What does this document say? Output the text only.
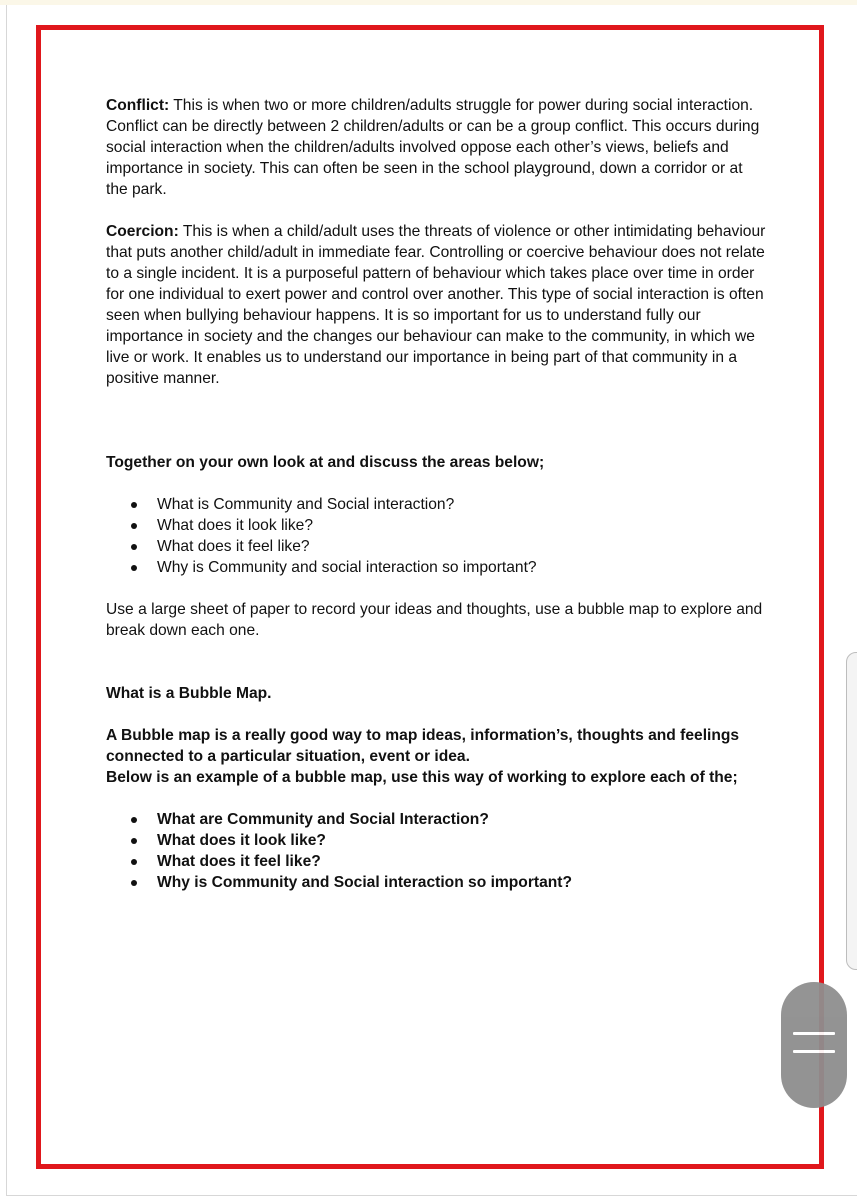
Conflict: This is when two or more children/adults struggle for power during social interaction. Conflict can be directly between 2 children/adults or can be a group conflict. This occurs during social interaction when the children/adults involved oppose each other’s views, beliefs and importance in society. This can often be seen in the school playground, down a corridor or at the park.

Coercion: This is when a child/adult uses the threats of violence or other intimidating behaviour that puts another child/adult in immediate fear. Controlling or coercive behaviour does not relate to a single incident. It is a purposeful pattern of behaviour which takes place over time in order for one individual to exert power and control over another. This type of social interaction is often seen when bullying behaviour happens. It is so important for us to understand fully our importance in society and the changes our behaviour can make to the community, in which we live or work. It enables us to understand our importance in being part of that community in a positive manner.

Together on your own look at and discuss the areas below;

What is Community and Social interaction?
What does it look like?
What does it feel like?
Why is Community and social interaction so important?

Use a large sheet of paper to record your ideas and thoughts, use a bubble map to explore and break down each one.

What is a Bubble Map.

A Bubble map is a really good way to map ideas, information’s, thoughts and feelings connected to a particular situation, event or idea.

Below is an example of a bubble map, use this way of working to explore each of the;

What are Community and Social Interaction?
What does it look like?
What does it feel like?
Why is Community and Social interaction so important?
